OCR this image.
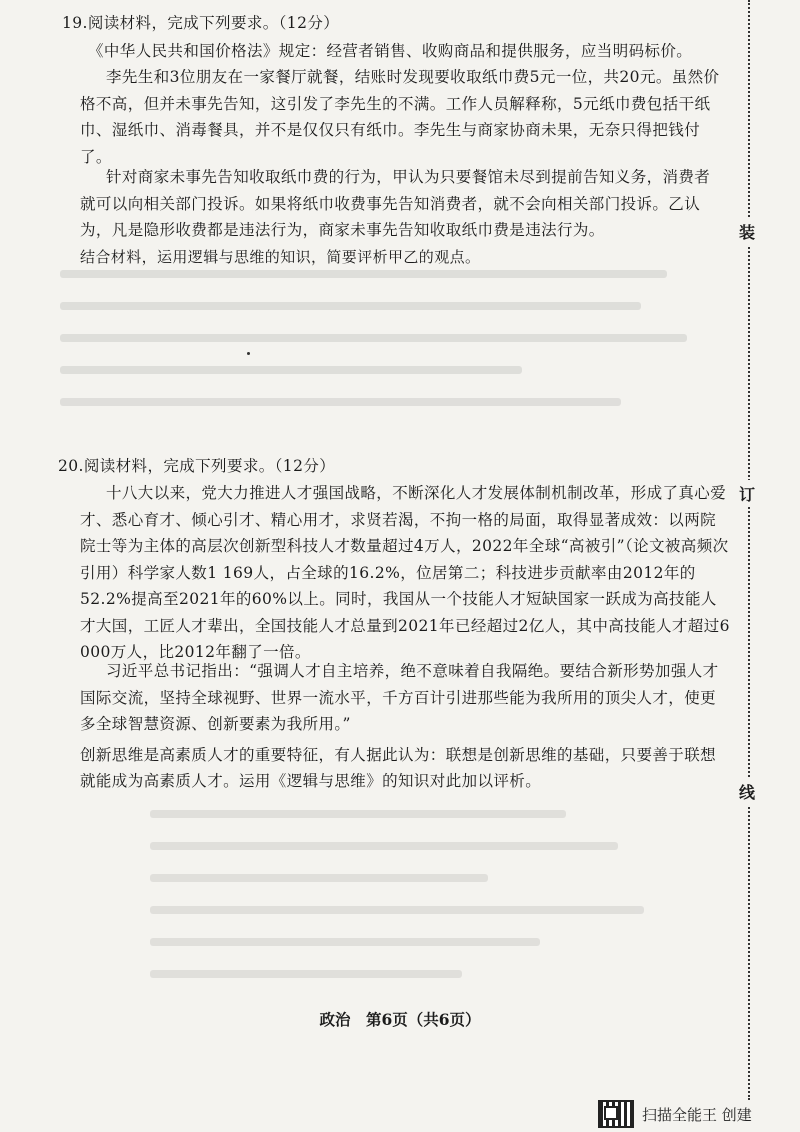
19.阅读材料，完成下列要求。（12分）
《中华人民共和国价格法》规定：经营者销售、收购商品和提供服务，应当明码标价。
李先生和3位朋友在一家餐厅就餐，结账时发现要收取纸巾费5元一位，共20元。虽然价格不高，但并未事先告知，这引发了李先生的不满。工作人员解释称，5元纸巾费包括干纸巾、湿纸巾、消毒餐具，并不是仅仅只有纸巾。李先生与商家协商未果，无奈只得把钱付了。
针对商家未事先告知收取纸巾费的行为，甲认为只要餐馆未尽到提前告知义务，消费者就可以向相关部门投诉。如果将纸巾收费事先告知消费者，就不会向相关部门投诉。乙认为，凡是隐形收费都是违法行为，商家未事先告知收取纸巾费是违法行为。
结合材料，运用逻辑与思维的知识，简要评析甲乙的观点。
20.阅读材料，完成下列要求。（12分）
十八大以来，党大力推进人才强国战略，不断深化人才发展体制机制改革，形成了真心爱才、悉心育才、倾心引才、精心用才，求贤若渴，不拘一格的局面，取得显著成效：以两院院士等为主体的高层次创新型科技人才数量超过4万人，2022年全球“高被引”（论文被高频次引用）科学家人数1 169人，占全球的16.2%，位居第二；科技进步贡献率由2012年的52.2%提高至2021年的60%以上。同时，我国从一个技能人才短缺国家一跃成为高技能人才大国，工匠人才辈出，全国技能人才总量到2021年已经超过2亿人，其中高技能人才超过6 000万人，比2012年翻了一倍。
习近平总书记指出：“强调人才自主培养，绝不意味着自我隔绝。要结合新形势加强人才国际交流，坚持全球视野、世界一流水平，千方百计引进那些能为我所用的顶尖人才，使更多全球智慧资源、创新要素为我所用。”
创新思维是高素质人才的重要特征，有人据此认为：联想是创新思维的基础，只要善于联想就能成为高素质人才。运用《逻辑与思维》的知识对此加以评析。
政治　第6页（共6页）
装
订
线
扫描全能王 创建
